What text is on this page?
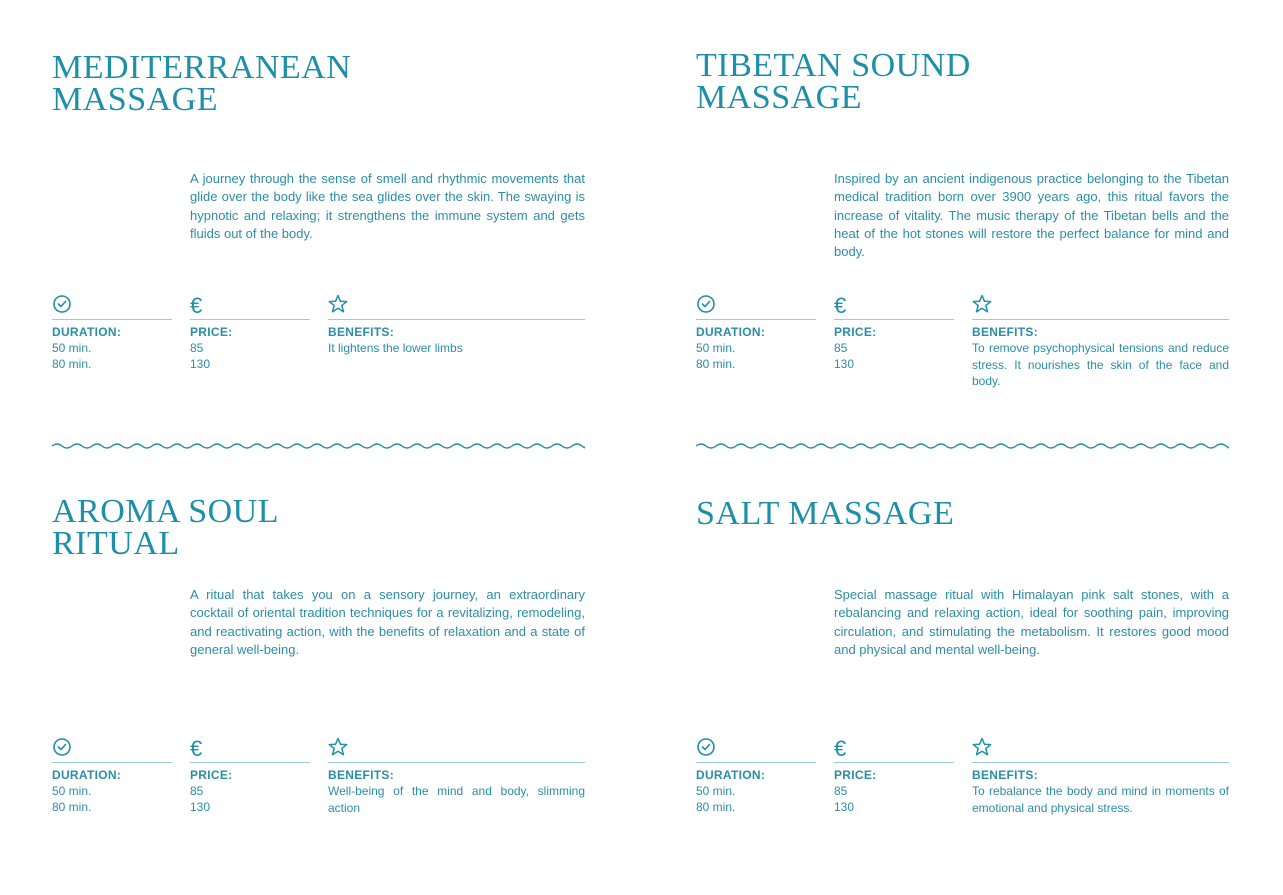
MEDITERRANEAN
MASSAGE

A journey through the sense of smell and rhythmic movements that glide over the body like the sea glides over the skin. The swaying is hypnotic and relaxing; it strengthens the immune system and gets fluids out of the body.

DURATION:
50 min.
80 min.
€
PRICE:
85
130
BENEFITS:
It lightens the lower limbs
TIBETAN SOUND
MASSAGE

Inspired by an ancient indigenous practice belonging to the Tibetan medical tradition born over 3900 years ago, this ritual favors the increase of vitality. The music therapy of the Tibetan bells and the heat of the hot stones will restore the perfect balance for mind and body.

DURATION:
50 min.
80 min.
€
PRICE:
85
130
BENEFITS:
To remove psychophysical tensions and reduce stress. It nourishes the skin of the face and body.
AROMA SOUL
RITUAL

A ritual that takes you on a sensory journey, an extraordinary cocktail of oriental tradition techniques for a revitalizing, remodeling, and reactivating action, with the benefits of relaxation and a state of general well-being.

DURATION:
50 min.
80 min.
€
PRICE:
85
130
BENEFITS:
Well-being of the mind and body, slimming action
SALT MASSAGE

Special massage ritual with Himalayan pink salt stones, with a rebalancing and relaxing action, ideal for soothing pain, improving circulation, and stimulating the metabolism. It restores good mood and physical and mental well-being.

DURATION:
50 min.
80 min.
€
PRICE:
85
130
BENEFITS:
To rebalance the body and mind in moments of emotional and physical stress.
